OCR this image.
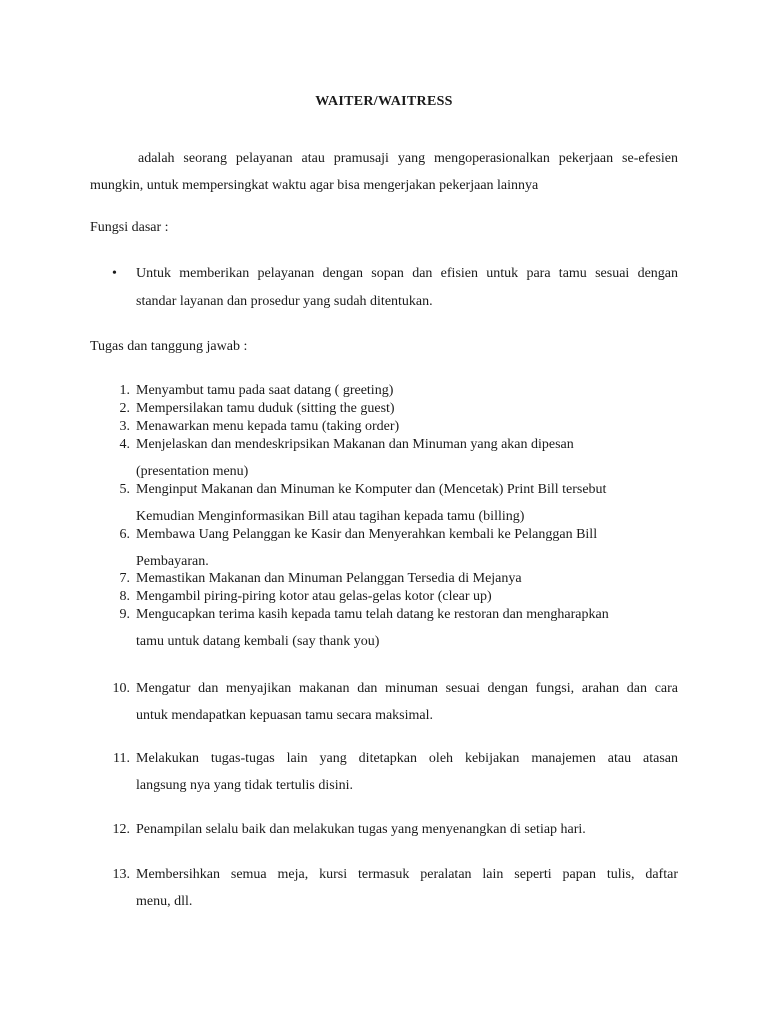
WAITER/WAITRESS
adalah seorang pelayanan atau pramusaji yang mengoperasionalkan pekerjaan se-efesien
mungkin, untuk mempersingkat waktu agar bisa mengerjakan pekerjaan lainnya
Fungsi dasar :
• Untuk memberikan pelayanan dengan sopan dan efisien untuk para tamu sesuai dengan
standar layanan dan prosedur yang sudah ditentukan.
Tugas dan tanggung jawab :
1. Menyambut tamu pada saat datang ( greeting)
2. Mempersilakan tamu duduk (sitting the guest)
3. Menawarkan menu kepada tamu (taking order)
4. Menjelaskan dan mendeskripsikan Makanan dan Minuman yang akan dipesan
(presentation menu)
5. Menginput Makanan dan Minuman ke Komputer dan (Mencetak) Print Bill tersebut
Kemudian Menginformasikan Bill atau tagihan kepada tamu (billing)
6. Membawa Uang Pelanggan ke Kasir dan Menyerahkan kembali ke Pelanggan Bill
Pembayaran.
7. Memastikan Makanan dan Minuman Pelanggan Tersedia di Mejanya
8. Mengambil piring-piring kotor atau gelas-gelas kotor (clear up)
9. Mengucapkan terima kasih kepada tamu telah datang ke restoran dan mengharapkan
tamu untuk datang kembali (say thank you)
10. Mengatur dan menyajikan makanan dan minuman sesuai dengan fungsi, arahan dan cara
untuk mendapatkan kepuasan tamu secara maksimal.
11. Melakukan tugas-tugas lain yang ditetapkan oleh kebijakan manajemen atau atasan
langsung nya yang tidak tertulis disini.
12. Penampilan selalu baik dan melakukan tugas yang menyenangkan di setiap hari.
13. Membersihkan semua meja, kursi termasuk peralatan lain seperti papan tulis, daftar
menu, dll.
